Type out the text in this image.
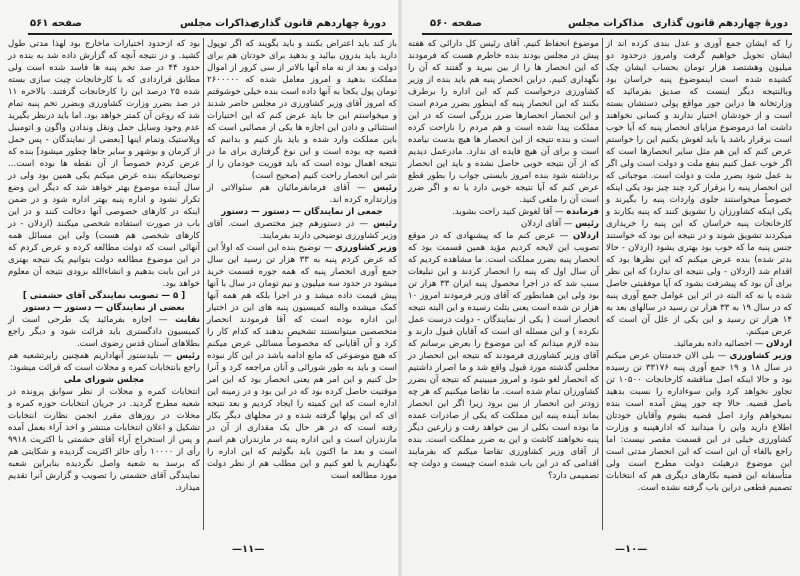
دورهٔ چهاردهم قانون گذاری
مذاکرات مجلس
صفحه ۵۶۱

باز کند باید اعتراض بکنند و باید بگویند که اگر توپول دارید باید بدرون بیائید و بدهید برای خودتان هم برای دولت و بعد از نه ماه آنها بالاتر از سی کرور از اموال مملکت بدهید و امروز معامل شده که ۲۶۰۰۰۰۰ تومان پول یکجا به آنها داده است بنده خیلی خوشوقتم که امروز آقای وزیر کشاورزی در مجلس حاضر شدند و میخواستم این جا باید عرض کنم که این اختیارات استثنائی و دادن این اجازه ها یکی از مصائبی است که باین مملکت وارد شده و باید باز کنیم و بدانیم که قضیه چه بوده است و این نوع گرفتاری برای ما در نتیجه اهمال بوده است که باید فوریت خودمان را از شر این انحصار راحت کنیم (صحیح است)

رئیس — آقای فرمانفرمائیان هم سئوالاتی از وزارتداره کرده اند.

جمعی از نمایندگان — دستور — دستور

رئیس — در دستورهم چیز مختصری است. آقای وزیر کشاورزی توضیحی دارند بفرمایند.

وزیر کشاورزی — توضیح بنده این است که اولاً این که عرض کردم پنبه به ۳۳ هزار تن رسید این سال جمع آوری انحصار پنبه که همه جوره قسمت خرید میشود در حدود سه میلیون و نیم تومان در سال با آنها پیش قیمت داده میشد و در اجرا بلکه هم همه آنها کمک میشده والبته کمیسیون پنبه های این در اختیار این اداره بوده است که آقا فرمودند انحصار متخصصین میتوانستند تشخیص بدهند که کدام کار را کرد و آن آقایانی که مخصوصاً مسائلی عرض میکنم که هیچ موضوعی که مانع ادامه باشد در این کار نبوده است و باید به طور شورائی و آنان مراجعه کرد و آنرا حل کنیم و این امر هم یعنی انحصار بود که این امر موقتیت حاصل کرده بود که در این بود و در زمینه این اداره است که این کمیته را ایجاد کردیم و بعد نتیجه ای که این پولها گرفته شده و در محلهای دیگر بکار رفته است که در هر حال یک مقداری از آن در مازندران است و این اداره پنبه در مازندران هم اسم است و بعد ما اکنون باید بگوئیم که این اداره را نگهداریم یا لغو کنیم و این مطلب هم از نظر دولت مورد مطالعه است

بود که ازحدود اختیارات ماخارج بود لهذا مدتی طول کشید. و در نتیجه آنچه که گزارش داده شد به بنده در حدود ۴۴ در صد تخم پنبه ها فاسد شده است ولی مطابق قراردادی که با کارخانجات چیت سازی بسته شده ۲۵ درصد این را کارخانجات گرفتند. بالاخره ۱۱ در صد بضرر وزارت کشاورزی وبضرر تخم پنبه تمام شد که روغن آن کمتر خواهد بود. اما باید درنظر بگیرید عدم وجود وسایل حمل ونقل وندادن واگون و اتومبیل وپلاستیک وتمام اینها [بعضی از نمایندگان - پس حمل از کرمان و بوشهر و سایر جاها چطور میشود] بنده که عرض کردم خصوصاً از آن نقطه ها بوده است... توضیحاتیکه بنده عرض میکنم یکی همین بود ولی در سال آینده موضوع بهتر خواهد شد که دیگر این وضع تکرار نشود و اداره پنبه بهتر اداره شود و در ضمن اینکه در کارهای خصوصی آنها دخالت کنند و در این باب در صورت استفاده شخصی میکنند (اردلان - در کارهای شخصی هم هست) ولی این مسائل همه آنهائی است که دولت مطالعه کرده و عرض کردم که در این موضوع مطالعه دولت بتوانیم یک نتیجه بهتری در این بابت بدهیم و انشاءالله بزودی نتیجه آن معلوم خواهد بود.

[ ۵ — تصویب نمایندگی آقای حشمتی ]

بعضی از نمایندگان — دستور — دستور

نقابت — اجازه بفرمائید یک طرحی است از کمیسیون دادگستری باید قرائت شود و دیگر راجع بطلاهای آستان قدس رضوی است.

رئیس — بلیدستور آنهاداریم همچنین رایرتشعبه هم راجع بانتخابات کمره و محلات است که قرائت میشود:

مجلس شورای ملی

انتخابات کمره و محلات از نظر سوابق پرونده در شعبه مطرح گردید. در جریان انتخابات حوزه کمره و محلات در روزهای مقرر انجمن نظارت انتخابات تشکیل و اعلان انتخابات منتشر و اخذ آراء بعمل آمده و پس از استخراج آراء آقای حشمتی با اکثریت ۹۹۱۸ رأی از ۱۰۰۰۰ رأی حائز اکثریت گردیده و شکایتی هم که برسد به شعبه واصل نگردیده بنابراین شعبه نمایندگی آقای حشمتی را تصویب و گزارش آنرا تقدیم میدارد.

—۱۱—
دورهٔ چهاردهم قانون گذاری
مذاکرات مجلس
صفحه ۵۶۰

را که ایشان جمع آوری و عدل بندی کرده اند از ایشان تحویل خواهیم گرفت وامروز درحدود دو میلیون وهشتصد هزار تومان بحساب ایشان چک کشیده شده است اینموضوع پنبه خراسان بود وبالنتیجه دیگر اینست که صدیق بفرمائید که وزارتخانه ها دراین جور مواقع پولی دستشان بسته است و از خودشان اختیار ندارند و کسانی نخواهند داشت اما درموضوع مزایای انحصار پنبه که آیا خوب است برقرار باشد یا باید لغوش بکنیم این را خواستم عرض کنم که این هم مثل سایر انحصارها است که اگر خوب عمل کنیم بنفع ملت و دولت است ولی اگر بد عمل شود بضرر ملت و دولت است. موجباتی که این انحصار پنبه را برقرار کرد چند چیز بود یکی اینکه خصوصاً میخواستند جلوی واردات پنبه را بگیرند و یکی اینکه کشاورزان را تشویق کنند که پنبه بکارند و کارخانجات پنبه خراسان که این پنبه را خریداری میکردند تشویق شوند و در نتیجه این بود که خواستند جنس پنبه ما که خوب بود بهتری بشود (اردلان - حالا بدتر شده) بنده عرض میکنم که این نظرها بود که اقدام شد (اردلان - ولی نتیجه ای ندارد) که این نظر برای آن بود که پیشرفت بشود که آیا موفقیتی حاصل شده یا نه که البته در اثر این عوامل جمع آوری پنبه که در سال ۱۹ به ۳۳ هزار تن رسید در سالهای بعد به ۱۴ هزار تن رسید و این یکی از علل آن است که عرض میکنم.

اردلان — احصائیه داده بفرمائید.

وزیر کشاورزی — بلی الان خدمتتان عرض میکنم در سال ۱۸ و ۱۹ جمع آوری پنبه ۳۳۱۷۶ تن رسیده بود و حالا اینکه اصل مناقشه کارخانجات ۱۰۵۰۰ تن تجاوز نخواهد کرد وابن سوءاداره را نسبت بدهید باصل قضیه. حالا چه جور پیش آمده است بنده نمیخواهم وارد اصل قضیه بشوم وآقایان خودتان اطلاع دارید واین را میدانید که ادارهپنبه و وزارت کشاورزی خیلی در این قسمت مقصر نیست: اما راجع بالغاء آن این است که این انحصار مدتی است این موضوع درهیئت دولت مطرح است ولی متأسفانه این قضیه بکارهای دیگری هم که انتخابات تصمیم قطعی دراین باب گرفته نشده است.

موضوع انحفاظ کنیم. آقای رئیس کل دارائی که هفته پیش در مجلس بودند بنده خاطرم هست که فرمودند که این انحصار ها را از بین ببرید و گفتند که آن را نگهداری کنیم. دراین انحصار پنبه هم باید بنده از وزیر کشاورزی درخواست کنم که این اداره را برطرف بکنند که این انحصار پنبه که اینطور بضرر مردم است و این انحصار انحصارها ضرر بزرگی است که در این مملکت پیدا شده است و هم مردم را ناراحت کرده است و بنده نتیجه از این انحصار ها هیچ بدست نیامده است و برای آن هیچ فایده ای ندارد. مادرعمل دیدیم که از آن نتیجه خوبی حاصل نشده و باید این انحصار برداشته شود بنده امروز بایستی جواب را بطور قطع عرض کنم که آیا نتیجه خوبی دارد یا نه و اگر ضرر است آن را ملغی کنید.

فرمانده — آقا لغوش کنید راحت بشوید.

رئیس — آقای اردلان

اردلان — عرض کنم ما که پیشنهادی که در موقع تصویب این لایحه کردیم مؤید همین قسمت بود که انحصار پنبه بضرر مملکت است. ما مشاهده کردیم که آن سال اول که پنبه را انحصار کردند و این تبلیغات سبب شد که در اجرا محصول پنبه ایران ۳۳ هزار تن بود ولی این همانطور که آقای وزیر فرمودند امروز ۱۰ هزار تن شده است یعنی بثلث رسیده و این البته نتیجه انحصار است ( یکی از نمایندگان - دولت درست عمل نکرده ) و این مسئله ای است که آقایان قبول دارند و بنده لازم میدانم که این موضوع را بعرض برسانم که آقای وزیر کشاورزی فرمودند که نتیجه این انحصار در مجلس گذشته مورد قبول واقع شد و ما اصرار داشتیم که انحصار لغو شود و امروز میبینیم که نتیجه آن بضرر کشاورزان تمام شده است. ما تقاضا میکنیم که هر چه زودتر این انحصار از بین برود زیرا اگر این انحصار بماند آینده پنبه این مملکت که یکی از صادرات عمده ما بوده است بکلی از بین خواهد رفت و زارعین دیگر پنبه نخواهند کاشت و این به ضرر مملکت است. بنده از آقای وزیر کشاورزی تقاضا میکنم که بفرمایند اقدامی که در این باب شده است چیست و دولت چه تصمیمی دارد؟

—۱۰—
